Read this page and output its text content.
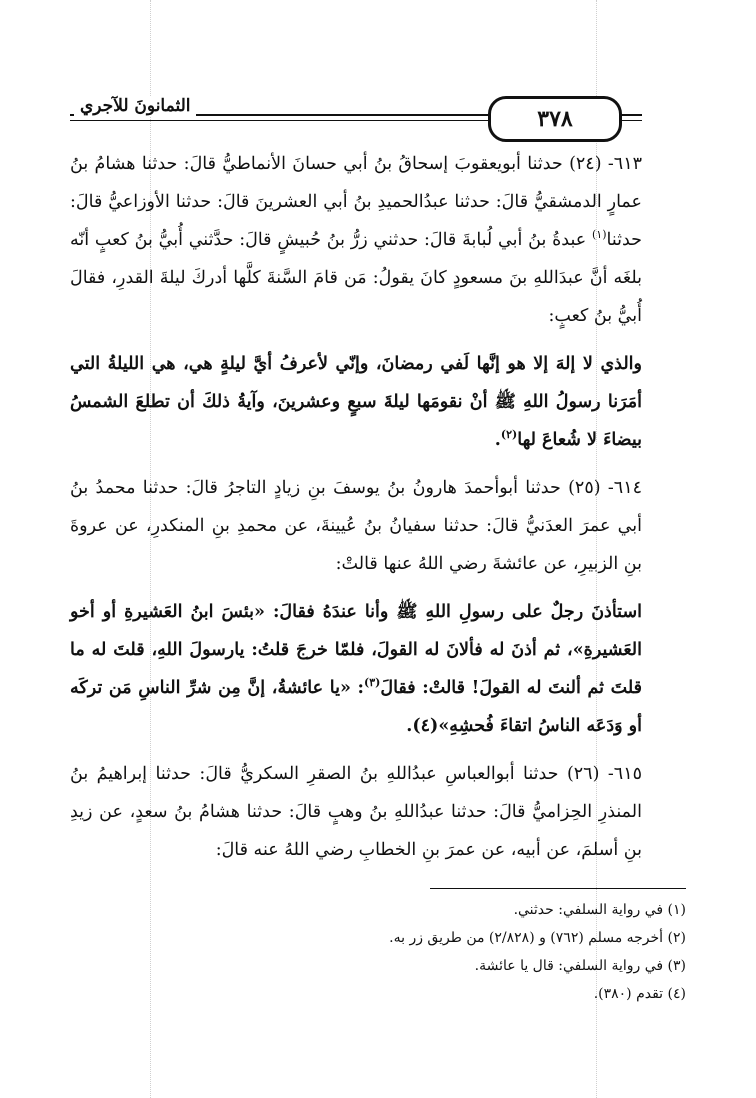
٣٧٨
الثمانونَ للآجري

٦١٣- (٢٤) حدثنا أبويعقوبَ إسحاقُ بنُ أبي حسانَ الأنماطيُّ قالَ: حدثنا هشامُ بنُ عمارٍ الدمشقيُّ قالَ: حدثنا عبدُالحميدِ بنُ أبي العشرينَ قالَ: حدثنا الأوزاعيُّ قالَ: حدثنا$^{(١)}$ عبدةُ بنُ أبي لُبابةَ قالَ: حدثني زرُّ بنُ حُبيشٍ قالَ: حدَّثني أُبيُّ بنُ كعبٍ أنّه بلغَه أنَّ عبدَاللهِ بنَ مسعودٍ كانَ يقولُ: مَن قامَ السَّنةَ كلَّها أدركَ ليلةَ القدرِ، فقالَ أُبيُّ بنُ كعبٍ:

والذي لا إلهَ إلا هو إنَّها لَفي رمضانَ، وإنّي لأعرفُ أيَّ ليلةٍ هي، هي الليلةُ التي أمَرَنا رسولُ اللهِ ﷺ أنْ نقومَها ليلةَ سبعٍ وعشرينَ، وآيةُ ذلكَ أن تطلعَ الشمسُ بيضاءَ لا شُعاعَ لها$^{(٢)}$.

٦١٤- (٢٥) حدثنا أبوأحمدَ هارونُ بنُ يوسفَ بنِ زيادٍ التاجرُ قالَ: حدثنا محمدُ بنُ أبي عمرَ العدَنيُّ قالَ: حدثنا سفيانُ بنُ عُيينةَ، عن محمدِ بنِ المنكدرِ، عن عروةَ بنِ الزبيرِ، عن عائشةَ رضي اللهُ عنها قالتْ:

استأذنَ رجلٌ على رسولِ اللهِ ﷺ وأنا عندَهُ فقالَ: «بئسَ ابنُ العَشيرةِ أو أخو العَشيرةِ»، ثم أذنَ له فألانَ له القولَ، فلمّا خرجَ قلتُ: يارسولَ اللهِ، قلتَ له ما قلتَ ثم ألنتَ له القولَ! قالتْ: فقالَ$^{(٣)}$: «يا عائشةُ، إنَّ مِن شرِّ الناسِ مَن تركَه أو وَدَعَه الناسُ اتقاءَ فُحشِهِ»(٤).

٦١٥- (٢٦) حدثنا أبوالعباسِ عبدُاللهِ بنُ الصقرِ السكريُّ قالَ: حدثنا إبراهيمُ بنُ المنذرِ الحِزاميُّ قالَ: حدثنا عبدُاللهِ بنُ وهبٍ قالَ: حدثنا هشامُ بنُ سعدٍ، عن زيدِ بنِ أسلمَ، عن أبيه، عن عمرَ بنِ الخطابِ رضي اللهُ عنه قالَ:

(١) في رواية السلفي: حدثني.

(٢) أخرجه مسلم (٧٦٢) و (٢/٨٢٨) من طريق زر به.

(٣) في رواية السلفي: قال يا عائشة.

(٤) تقدم (٣٨٠).
